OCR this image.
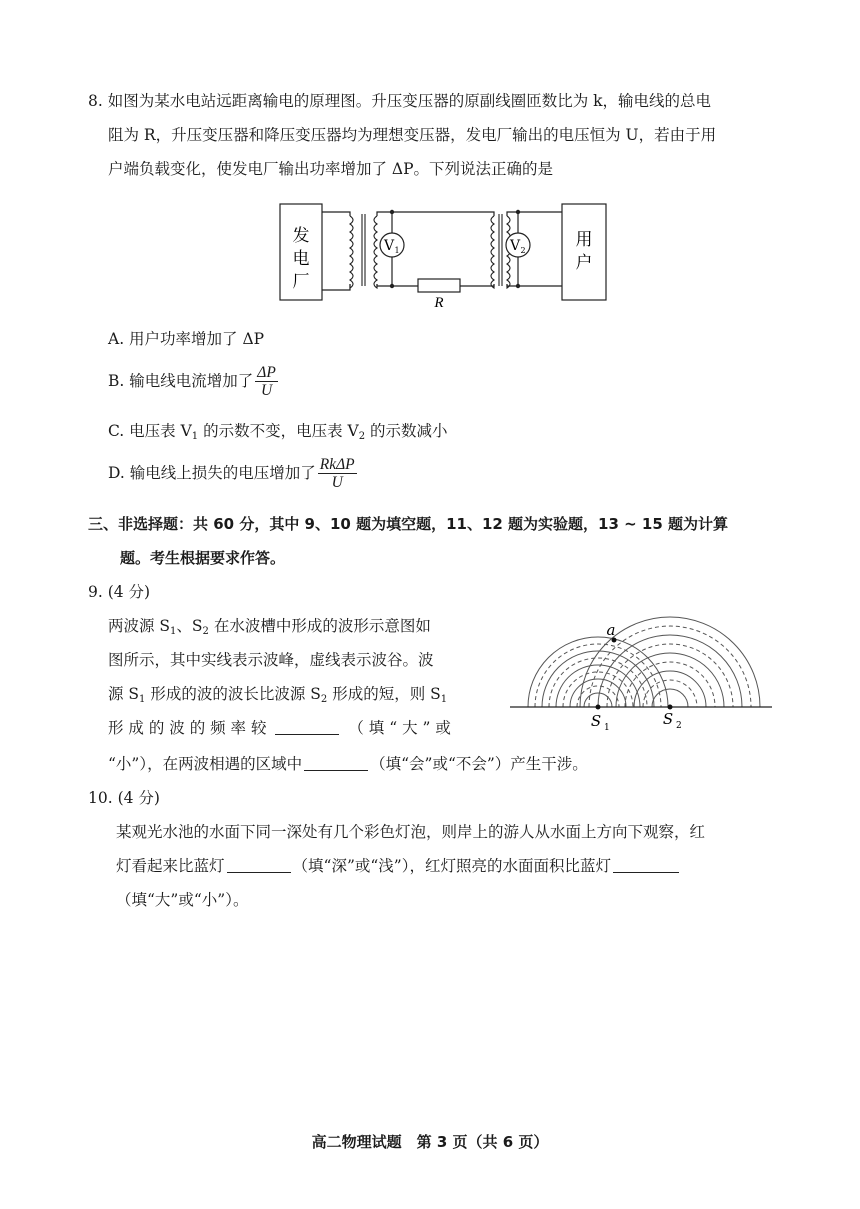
8. 如图为某水电站远距离输电的原理图。升压变压器的原副线圈匝数比为 k，输电线的总电
阻为 R，升压变压器和降压变压器均为理想变压器，发电厂输出的电压恒为 U，若由于用
户端负载变化，使发电厂输出功率增加了 ΔP。下列说法正确的是
发
电
厂
R
V 1	V 2
用
户
A. 用户功率增加了 ΔP
B. 输电线电流增加了 $\frac{\Delta P}{U}$
C. 电压表 $V_1$ 的示数不变，电压表 $V_2$ 的示数减小
D. 输电线上损失的电压增加了 $\frac{\text{RkΔP}}{U}$
三、非选择题：共 60 分，其中 9、10 题为填空题，11、12 题为实验题，13 ~ 15 题为计算
题。考生根据要求作答。
9. (4 分)
两波源 $S_1$、$S_2$ 在水波槽中形成的波形示意图如
图所示，其中实线表示波峰，虚线表示波谷。波
源 $S_1$ 形成的波的波长比波源 $S_2$ 形成的短，则 $S_1$
形 成 的 波 的 频 率 较	（ 填 “ 大 ” 或
“小”），在两波相遇的区域中	（填“会”或“不会”）产生干涉。
a
S 1	S 2
10. (4 分)
某观光水池的水面下同一深处有几个彩色灯泡，则岸上的游人从水面上方向下观察，红
灯看起来比蓝灯	（填“深”或“浅”），红灯照亮的水面面积比蓝灯
（填“大”或“小”）。
高二物理试题　第 3 页（共 6 页）
